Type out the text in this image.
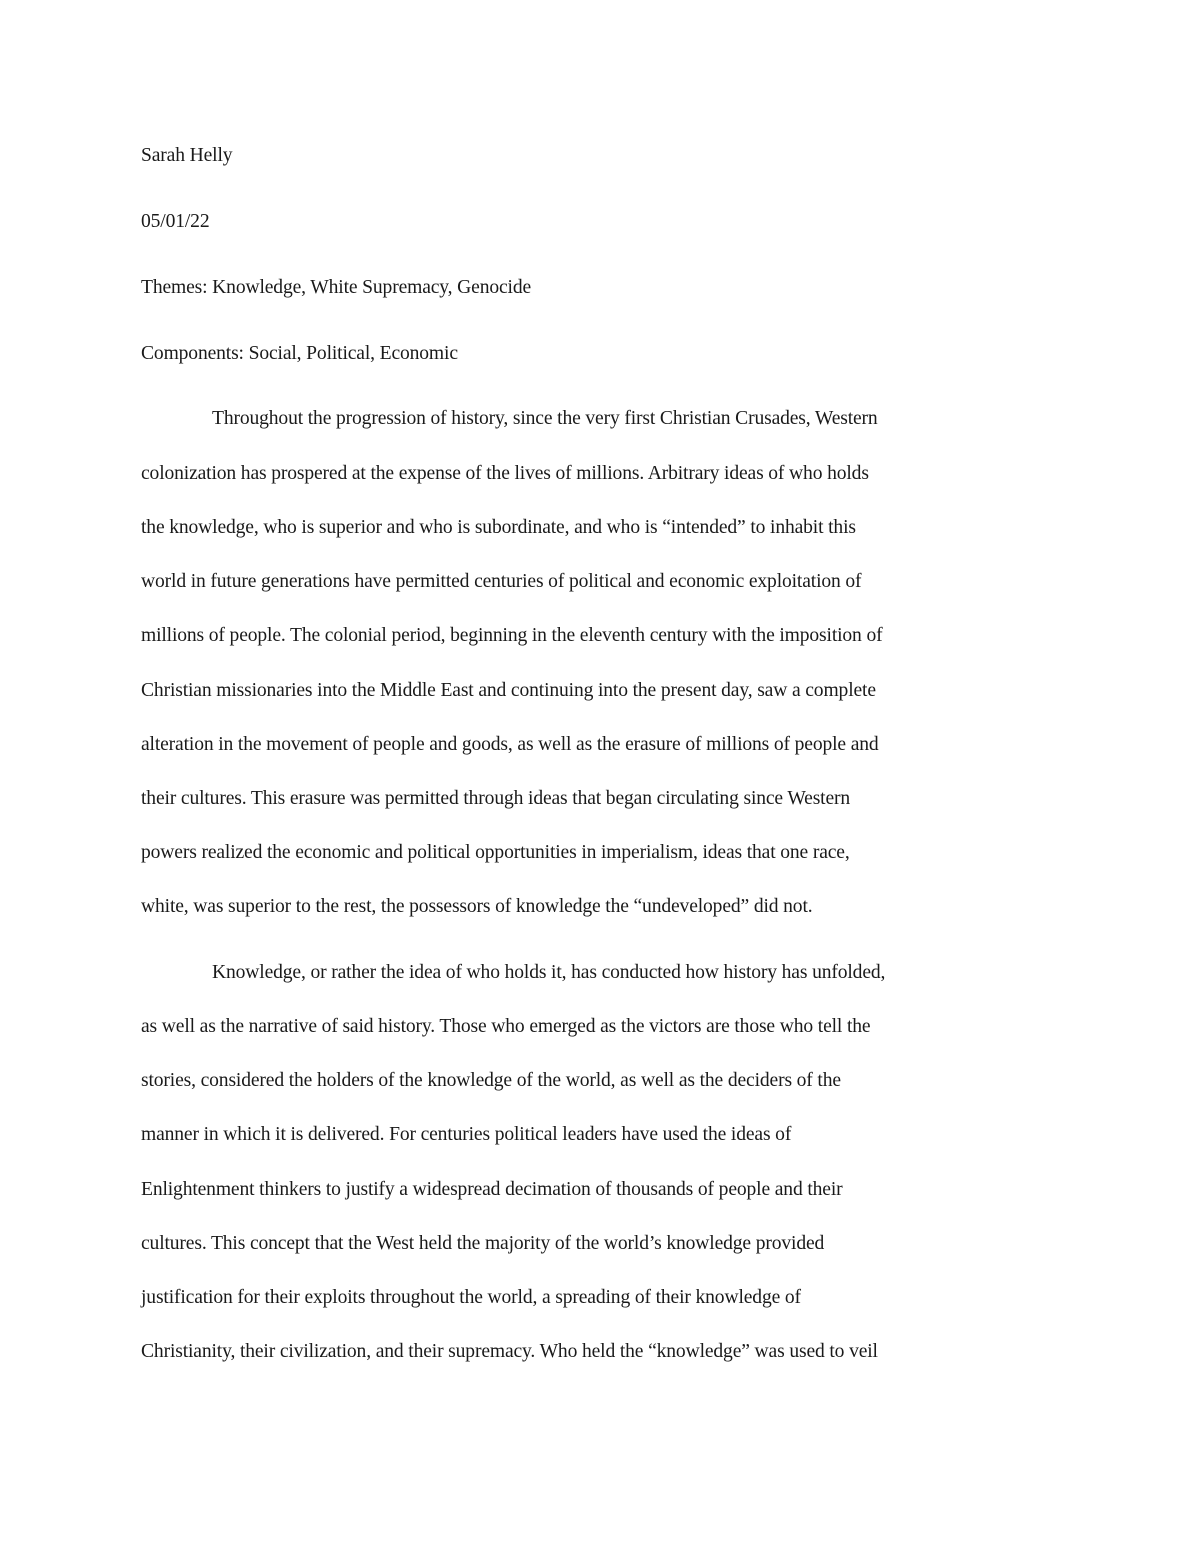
Sarah Helly
05/01/22
Themes: Knowledge, White Supremacy, Genocide
Components: Social, Political, Economic
Throughout the progression of history, since the very first Christian Crusades, Western
colonization has prospered at the expense of the lives of millions. Arbitrary ideas of who holds
the knowledge, who is superior and who is subordinate, and who is “intended” to inhabit this
world in future generations have permitted centuries of political and economic exploitation of
millions of people. The colonial period, beginning in the eleventh century with the imposition of
Christian missionaries into the Middle East and continuing into the present day, saw a complete
alteration in the movement of people and goods, as well as the erasure of millions of people and
their cultures. This erasure was permitted through ideas that began circulating since Western
powers realized the economic and political opportunities in imperialism, ideas that one race,
white, was superior to the rest, the possessors of knowledge the “undeveloped” did not.
Knowledge, or rather the idea of who holds it, has conducted how history has unfolded,
as well as the narrative of said history. Those who emerged as the victors are those who tell the
stories, considered the holders of the knowledge of the world, as well as the deciders of the
manner in which it is delivered. For centuries political leaders have used the ideas of
Enlightenment thinkers to justify a widespread decimation of thousands of people and their
cultures. This concept that the West held the majority of the world’s knowledge provided
justification for their exploits throughout the world, a spreading of their knowledge of
Christianity, their civilization, and their supremacy. Who held the “knowledge” was used to veil
